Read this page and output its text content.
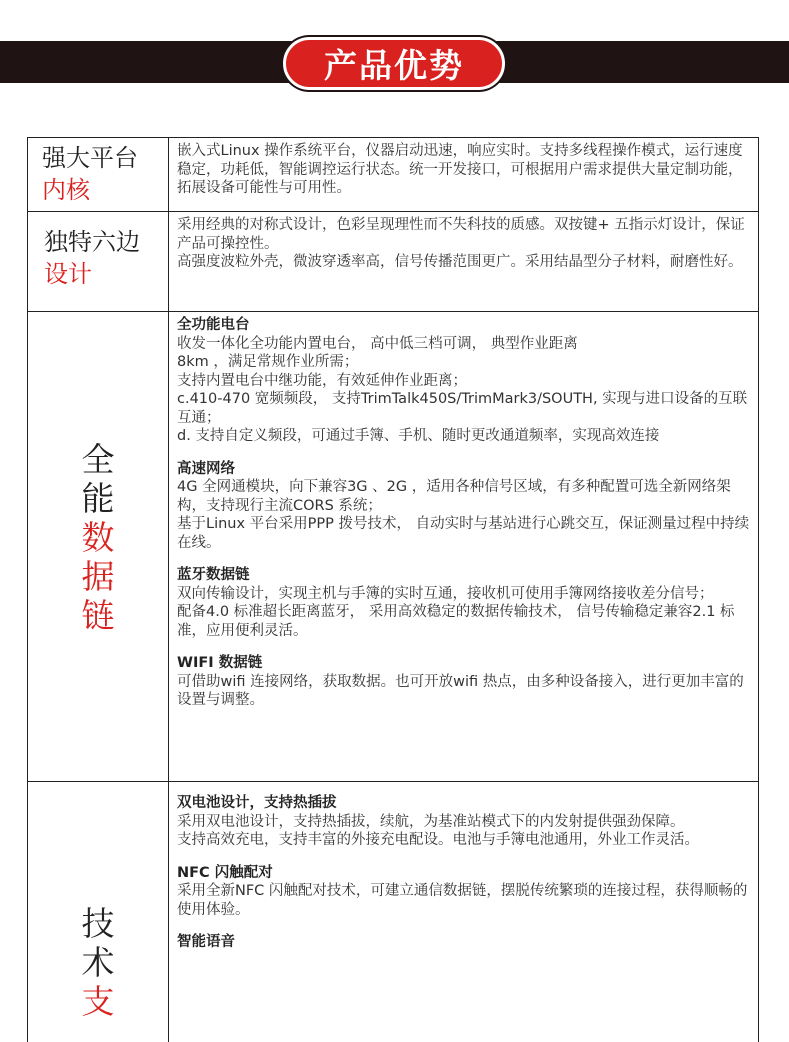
产品优势
强大平台
内核

嵌入式Linux 操作系统平台，仪器启动迅速，响应实时。支持多线程操作模式，运行速度稳定，功耗低，智能调控运行状态。统一开发接口，可根据用户需求提供大量定制功能，拓展设备可能性与可用性。

独特六边
设计

采用经典的对称式设计，色彩呈现理性而不失科技的质感。双按键+ 五指示灯设计，保证产品可操控性。

高强度波粒外壳，微波穿透率高，信号传播范围更广。采用结晶型分子材料，耐磨性好。

全
能
数
据
链

全功能电台

收发一体化全功能内置电台， 高中低三档可调， 典型作业距离

8km ，满足常规作业所需；

支持内置电台中继功能，有效延伸作业距离；

c.410-470 宽频频段， 支持TrimTalk450S/TrimMark3/SOUTH, 实现与进口设备的互联互通；

d. 支持自定义频段，可通过手簿、手机、随时更改通道频率，实现高效连接

高速网络

4G 全网通模块，向下兼容3G 、2G ，适用各种信号区域，有多种配置可选全新网络架构，支持现行主流CORS 系统；

基于Linux 平台采用PPP 拨号技术， 自动实时与基站进行心跳交互，保证测量过程中持续在线。

蓝牙数据链

双向传输设计，实现主机与手簿的实时互通，接收机可使用手簿网络接收差分信号；

配备4.0 标准超长距离蓝牙， 采用高效稳定的数据传输技术， 信号传输稳定兼容2.1 标准，应用便利灵活。

WIFI 数据链

可借助wifi 连接网络，获取数据。也可开放wifi 热点，由多种设备接入，进行更加丰富的设置与调整。

技
术
支

双电池设计，支持热插拔

采用双电池设计，支持热插拔，续航，为基准站模式下的内发射提供强劲保障。

支持高效充电，支持丰富的外接充电配设。电池与手簿电池通用，外业工作灵活。

NFC 闪触配对

采用全新NFC 闪触配对技术，可建立通信数据链，摆脱传统繁琐的连接过程，获得顺畅的使用体验。

智能语音
